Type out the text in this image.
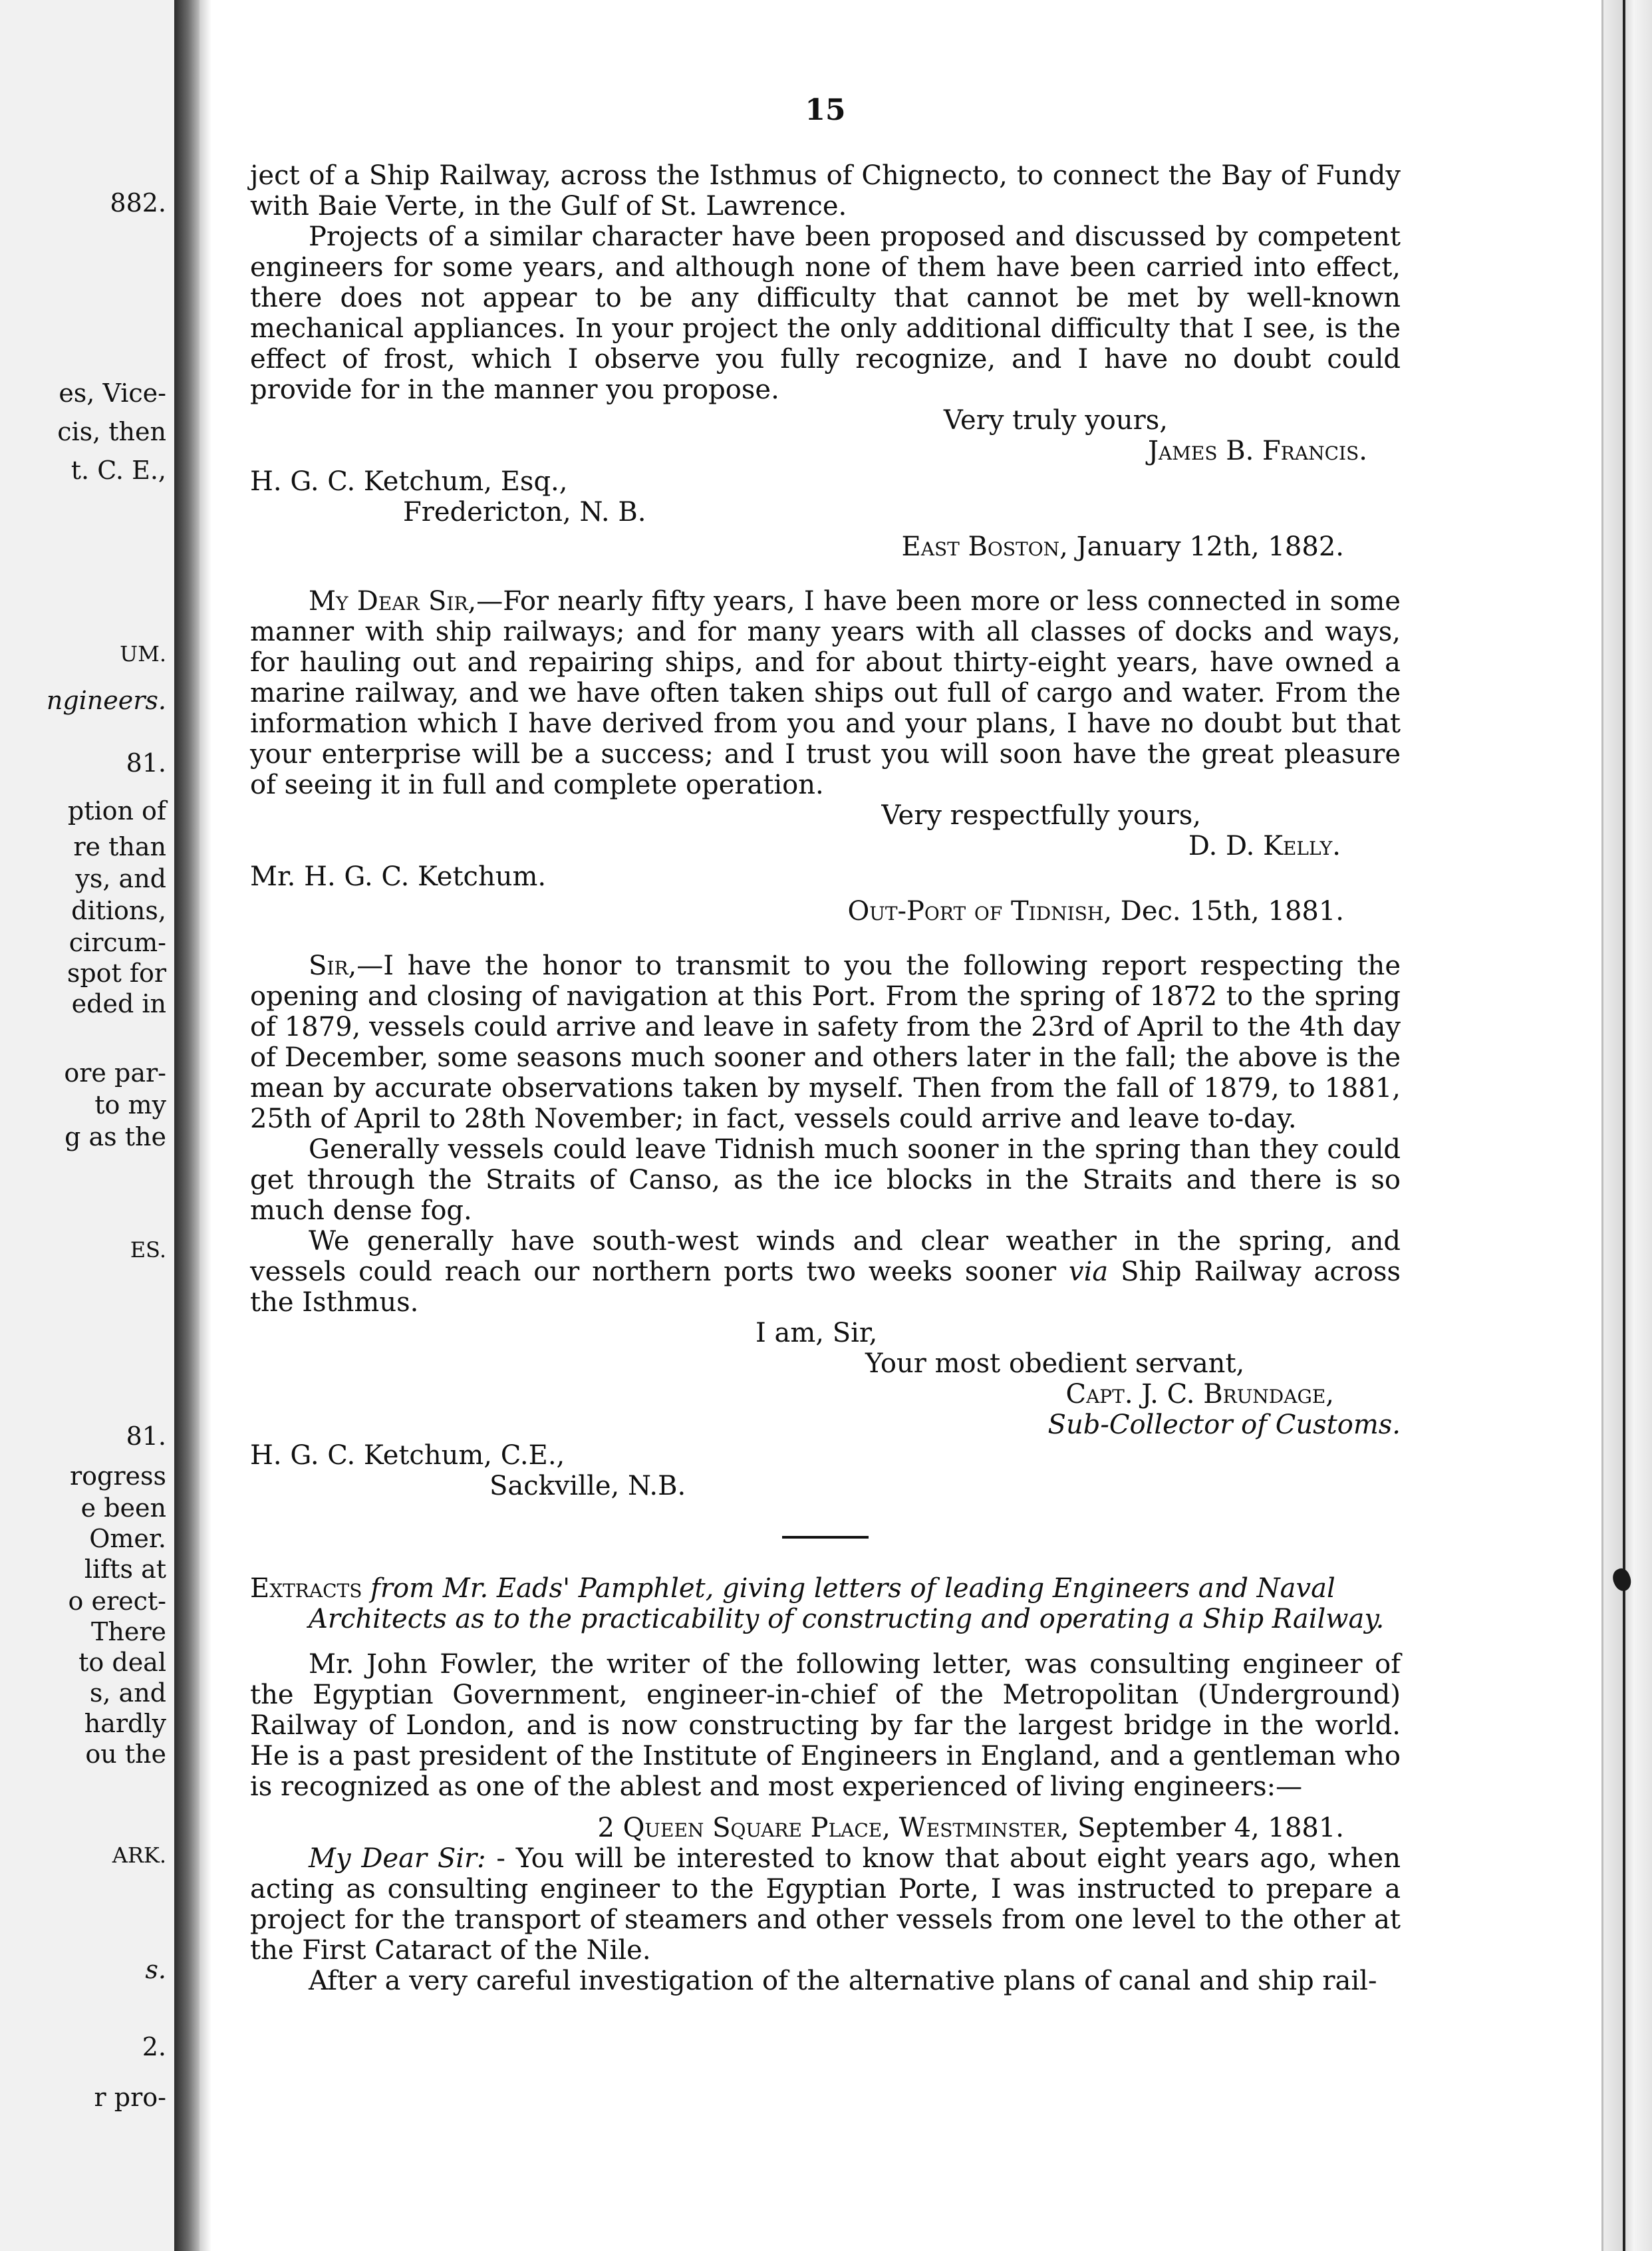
882.
es, Vice-
cis, then
t. C. E.,
UM.
ngineers.
81.
ption of
re than
ys, and
ditions,
circum-
spot for
eded in
ore par-
to my
g as the
ES.
81.
rogress
e been
Omer.
lifts at
o erect-
There
to deal
s, and
hardly
ou the
ARK.
s.
2.
r pro-
15

ject of a Ship Railway, across the Isthmus of Chignecto, to connect the Bay of Fundy with Baie Verte, in the Gulf of St. Lawrence.

Projects of a similar character have been proposed and discussed by competent engineers for some years, and although none of them have been carried into effect, there does not appear to be any difficulty that cannot be met by well-known mechanical appliances. In your project the only additional difficulty that I see, is the effect of frost, which I observe you fully recognize, and I have no doubt could provide for in the manner you propose.

Very truly yours,

James B. Francis.

H. G. C. Ketchum, Esq.,

Fredericton, N. B.

East Boston, January 12th, 1882.

My Dear Sir,—For nearly fifty years, I have been more or less connected in some manner with ship railways; and for many years with all classes of docks and ways, for hauling out and repairing ships, and for about thirty-eight years, have owned a marine railway, and we have often taken ships out full of cargo and water. From the information which I have derived from you and your plans, I have no doubt but that your enterprise will be a success; and I trust you will soon have the great pleasure of seeing it in full and complete operation.

Very respectfully yours,

D. D. Kelly.

Mr. H. G. C. Ketchum.

Out-Port of Tidnish, Dec. 15th, 1881.

Sir,—I have the honor to transmit to you the following report respecting the opening and closing of navigation at this Port. From the spring of 1872 to the spring of 1879, vessels could arrive and leave in safety from the 23rd of April to the 4th day of December, some seasons much sooner and others later in the fall; the above is the mean by accurate observations taken by myself. Then from the fall of 1879, to 1881, 25th of April to 28th November; in fact, vessels could arrive and leave to-day.

Generally vessels could leave Tidnish much sooner in the spring than they could get through the Straits of Canso, as the ice blocks in the Straits and there is so much dense fog.

We generally have south-west winds and clear weather in the spring, and vessels could reach our northern ports two weeks sooner via Ship Railway across the Isthmus.

I am, Sir,

Your most obedient servant,

Capt. J. C. Brundage,

Sub-Collector of Customs.

H. G. C. Ketchum, C.E.,

Sackville, N.B.

Extracts from Mr. Eads' Pamphlet, giving letters of leading Engineers and Naval

Architects as to the practicability of constructing and operating a Ship Railway.

Mr. John Fowler, the writer of the following letter, was consulting engineer of the Egyptian Government, engineer-in-chief of the Metropolitan (Underground) Railway of London, and is now constructing by far the largest bridge in the world. He is a past president of the Institute of Engineers in England, and a gentleman who is recognized as one of the ablest and most experienced of living engineers:—

2 Queen Square Place, Westminster, September 4, 1881.

My Dear Sir: - You will be interested to know that about eight years ago, when acting as consulting engineer to the Egyptian Porte, I was instructed to prepare a project for the transport of steamers and other vessels from one level to the other at the First Cataract of the Nile.

After a very careful investigation of the alternative plans of canal and ship rail-
